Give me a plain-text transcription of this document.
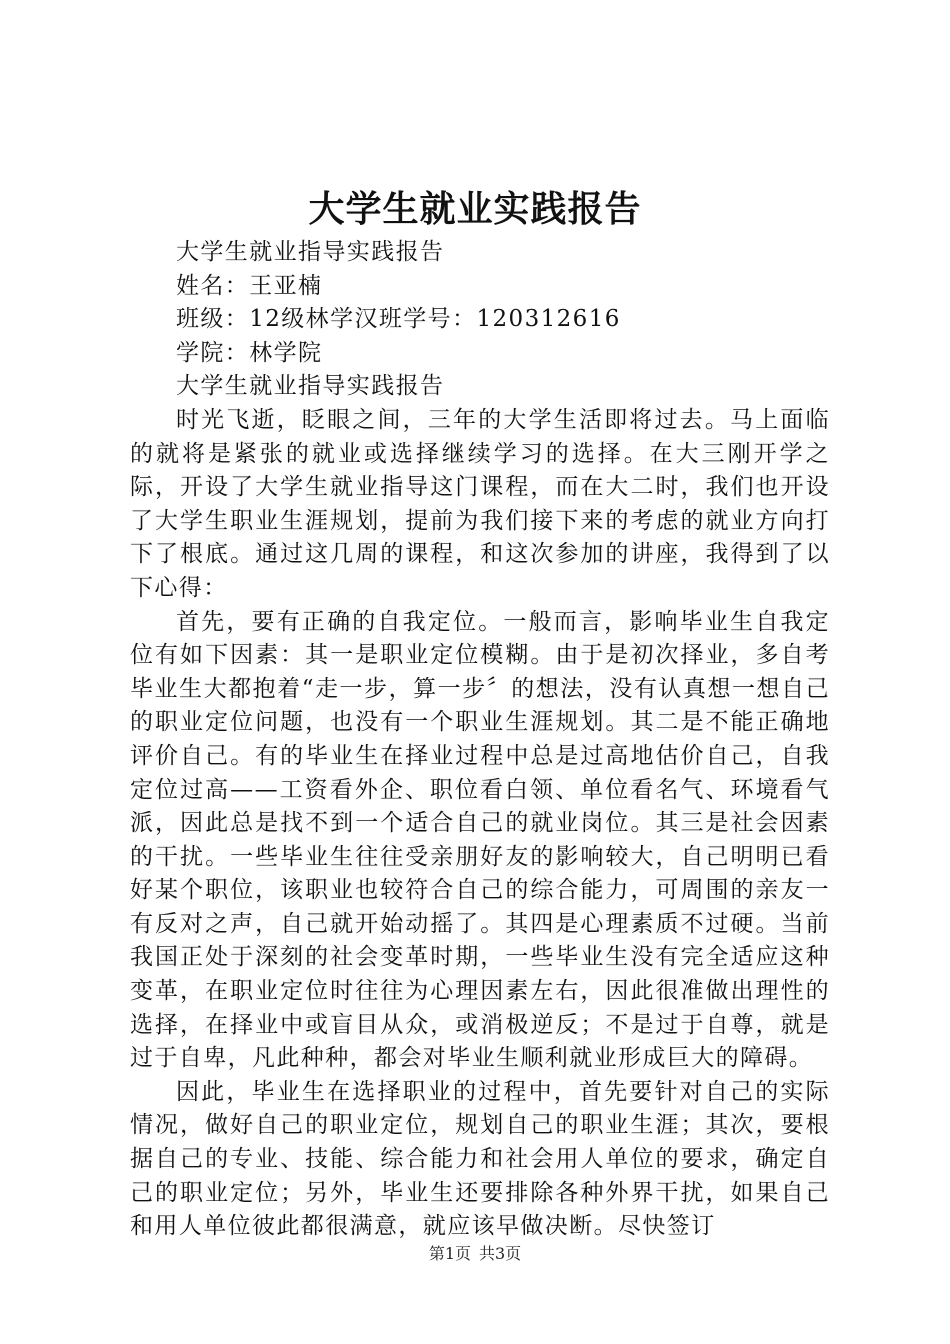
大学生就业实践报告

大学生就业指导实践报告

姓名：王亚楠

班级：12级林学汉班学号：120312616

学院：林学院

大学生就业指导实践报告

时光飞逝，眨眼之间，三年的大学生活即将过去。马上面临的就将是紧张的就业或选择继续学习的选择。在大三刚开学之际，开设了大学生就业指导这门课程，而在大二时，我们也开设了大学生职业生涯规划，提前为我们接下来的考虑的就业方向打下了根底。通过这几周的课程，和这次参加的讲座，我得到了以下心得：

首先，要有正确的自我定位。一般而言，影响毕业生自我定位有如下因素：其一是职业定位模糊。由于是初次择业，多自考毕业生大都抱着“走一步，算一步〞的想法，没有认真想一想自己的职业定位问题，也没有一个职业生涯规划。其二是不能正确地评价自己。有的毕业生在择业过程中总是过高地估价自己，自我定位过高——工资看外企、职位看白领、单位看名气、环境看气派，因此总是找不到一个适合自己的就业岗位。其三是社会因素的干扰。一些毕业生往往受亲朋好友的影响较大，自己明明已看好某个职位，该职业也较符合自己的综合能力，可周围的亲友一有反对之声，自己就开始动摇了。其四是心理素质不过硬。当前我国正处于深刻的社会变革时期，一些毕业生没有完全适应这种变革，在职业定位时往往为心理因素左右，因此很准做出理性的选择，在择业中或盲目从众，或消极逆反；不是过于自尊，就是过于自卑，凡此种种，都会对毕业生顺利就业形成巨大的障碍。

因此，毕业生在选择职业的过程中，首先要针对自己的实际情况，做好自己的职业定位，规划自己的职业生涯；其次，要根据自己的专业、技能、综合能力和社会用人单位的要求，确定自己的职业定位；另外，毕业生还要排除各种外界干扰，如果自己和用人单位彼此都很满意，就应该早做决断。尽快签订

第1页 共3页
